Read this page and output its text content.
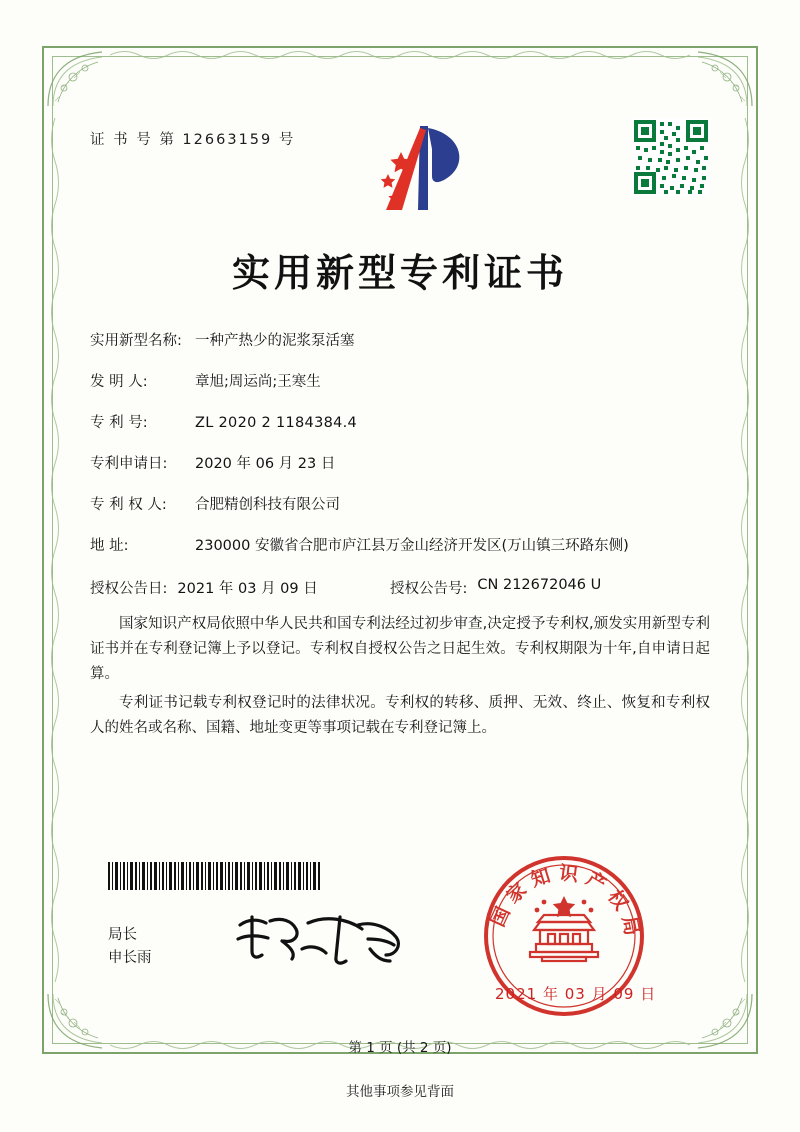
证 书 号 第 12663159 号
实用新型专利证书
实用新型名称: 一种产热少的泥浆泵活塞
发 明 人:	章旭;周运尚;王寒生
专 利 号:	ZL 2020 2 1184384.4
专利申请日:	2020 年 06 月 23 日
专 利 权 人:	合肥精创科技有限公司
地 址:	230000 安徽省合肥市庐江县万金山经济开发区(万山镇三环路东侧)
授权公告日: 2021 年 03 月 09 日	授权公告号: CN 212672046 U
国家知识产权局依照中华人民共和国专利法经过初步审查,决定授予专利权,颁发实用新型专利证书并在专利登记簿上予以登记。专利权自授权公告之日起生效。专利权期限为十年,自申请日起算。
专利证书记载专利权登记时的法律状况。专利权的转移、质押、无效、终止、恢复和专利权人的姓名或名称、国籍、地址变更等事项记载在专利登记簿上。
国家知识产权局
2021 年 03 月 09 日
局长
申长雨
第 1 页 (共 2 页)
其他事项参见背面
